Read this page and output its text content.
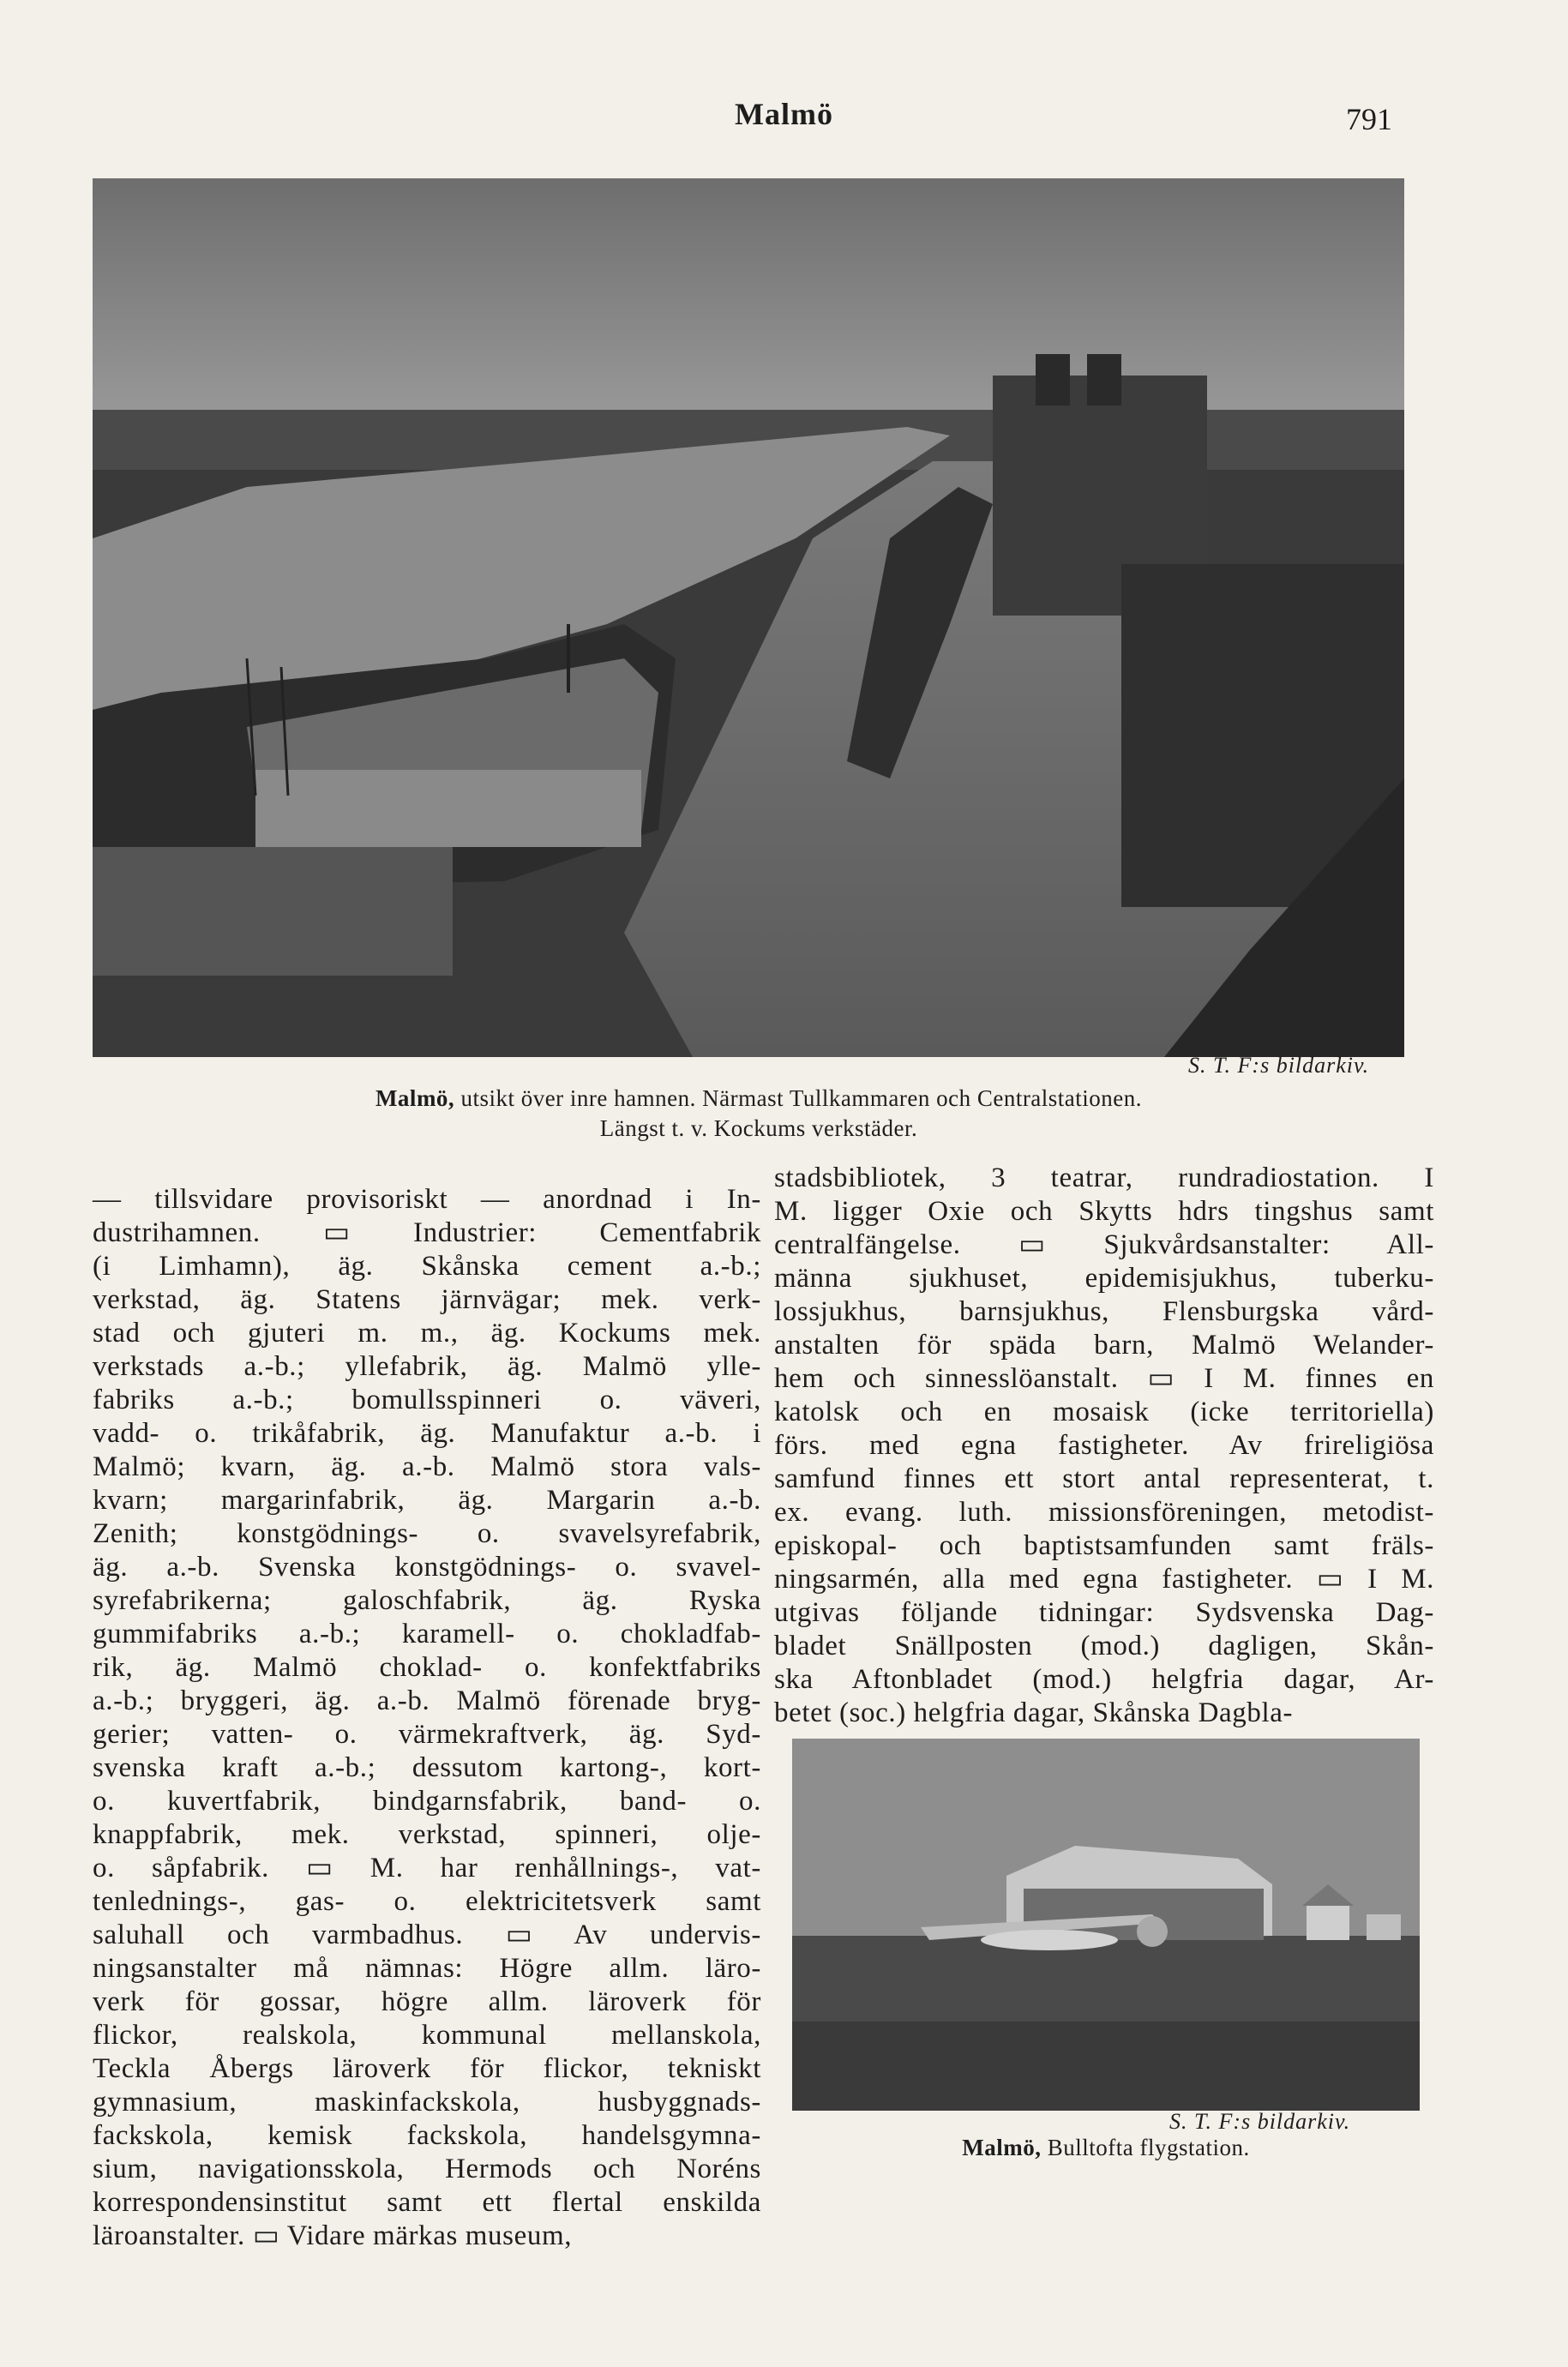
Malmö	791
S. T. F:s bildarkiv.
Malmö, utsikt över inre hamnen. Närmast Tullkammaren och Centralstationen.
Längst t. v. Kockums verkstäder.
— tillsvidare provisoriskt — anordnad i In-
dustrihamnen. ▭ Industrier: Cementfabrik
(i Limhamn), äg. Skånska cement a.-b.;
verkstad, äg. Statens järnvägar; mek. verk-
stad och gjuteri m. m., äg. Kockums mek.
verkstads a.-b.; yllefabrik, äg. Malmö ylle-
fabriks a.-b.; bomullsspinneri o. väveri,
vadd- o. trikåfabrik, äg. Manufaktur a.-b. i
Malmö; kvarn, äg. a.-b. Malmö stora vals-
kvarn; margarinfabrik, äg. Margarin a.-b.
Zenith; konstgödnings- o. svavelsyrefabrik,
äg. a.-b. Svenska konstgödnings- o. svavel-
syrefabrikerna; galoschfabrik, äg. Ryska
gummifabriks a.-b.; karamell- o. chokladfab-
rik, äg. Malmö choklad- o. konfektfabriks
a.-b.; bryggeri, äg. a.-b. Malmö förenade bryg-
gerier; vatten- o. värmekraftverk, äg. Syd-
svenska kraft a.-b.; dessutom kartong-, kort-
o. kuvertfabrik, bindgarnsfabrik, band- o.
knappfabrik, mek. verkstad, spinneri, olje-
o. såpfabrik. ▭ M. har renhållnings-, vat-
tenlednings-, gas- o. elektricitetsverk samt
saluhall och varmbadhus. ▭ Av undervis-
ningsanstalter må nämnas: Högre allm. läro-
verk för gossar, högre allm. läroverk för
flickor, realskola, kommunal mellanskola,
Teckla Åbergs läroverk för flickor, tekniskt
gymnasium, maskinfackskola, husbyggnads-
fackskola, kemisk fackskola, handelsgymna-
sium, navigationsskola, Hermods och Noréns
korrespondensinstitut samt ett flertal enskilda
läroanstalter. ▭ Vidare märkas museum,
stadsbibliotek, 3 teatrar, rundradiostation. I
M. ligger Oxie och Skytts hdrs tingshus samt
centralfängelse. ▭ Sjukvårdsanstalter: All-
männa sjukhuset, epidemisjukhus, tuberku-
lossjukhus, barnsjukhus, Flensburgska vård-
anstalten för späda barn, Malmö Welander-
hem och sinnesslöanstalt. ▭ I M. finnes en
katolsk och en mosaisk (icke territoriella)
förs. med egna fastigheter. Av frireligiösa
samfund finnes ett stort antal representerat, t.
ex. evang. luth. missionsföreningen, metodist-
episkopal- och baptistsamfunden samt fräls-
ningsarmén, alla med egna fastigheter. ▭ I M.
utgivas följande tidningar: Sydsvenska Dag-
bladet Snällposten (mod.) dagligen, Skån-
ska Aftonbladet (mod.) helgfria dagar, Ar-
betet (soc.) helgfria dagar, Skånska Dagbla-
S. T. F:s bildarkiv.
Malmö, Bulltofta flygstation.
